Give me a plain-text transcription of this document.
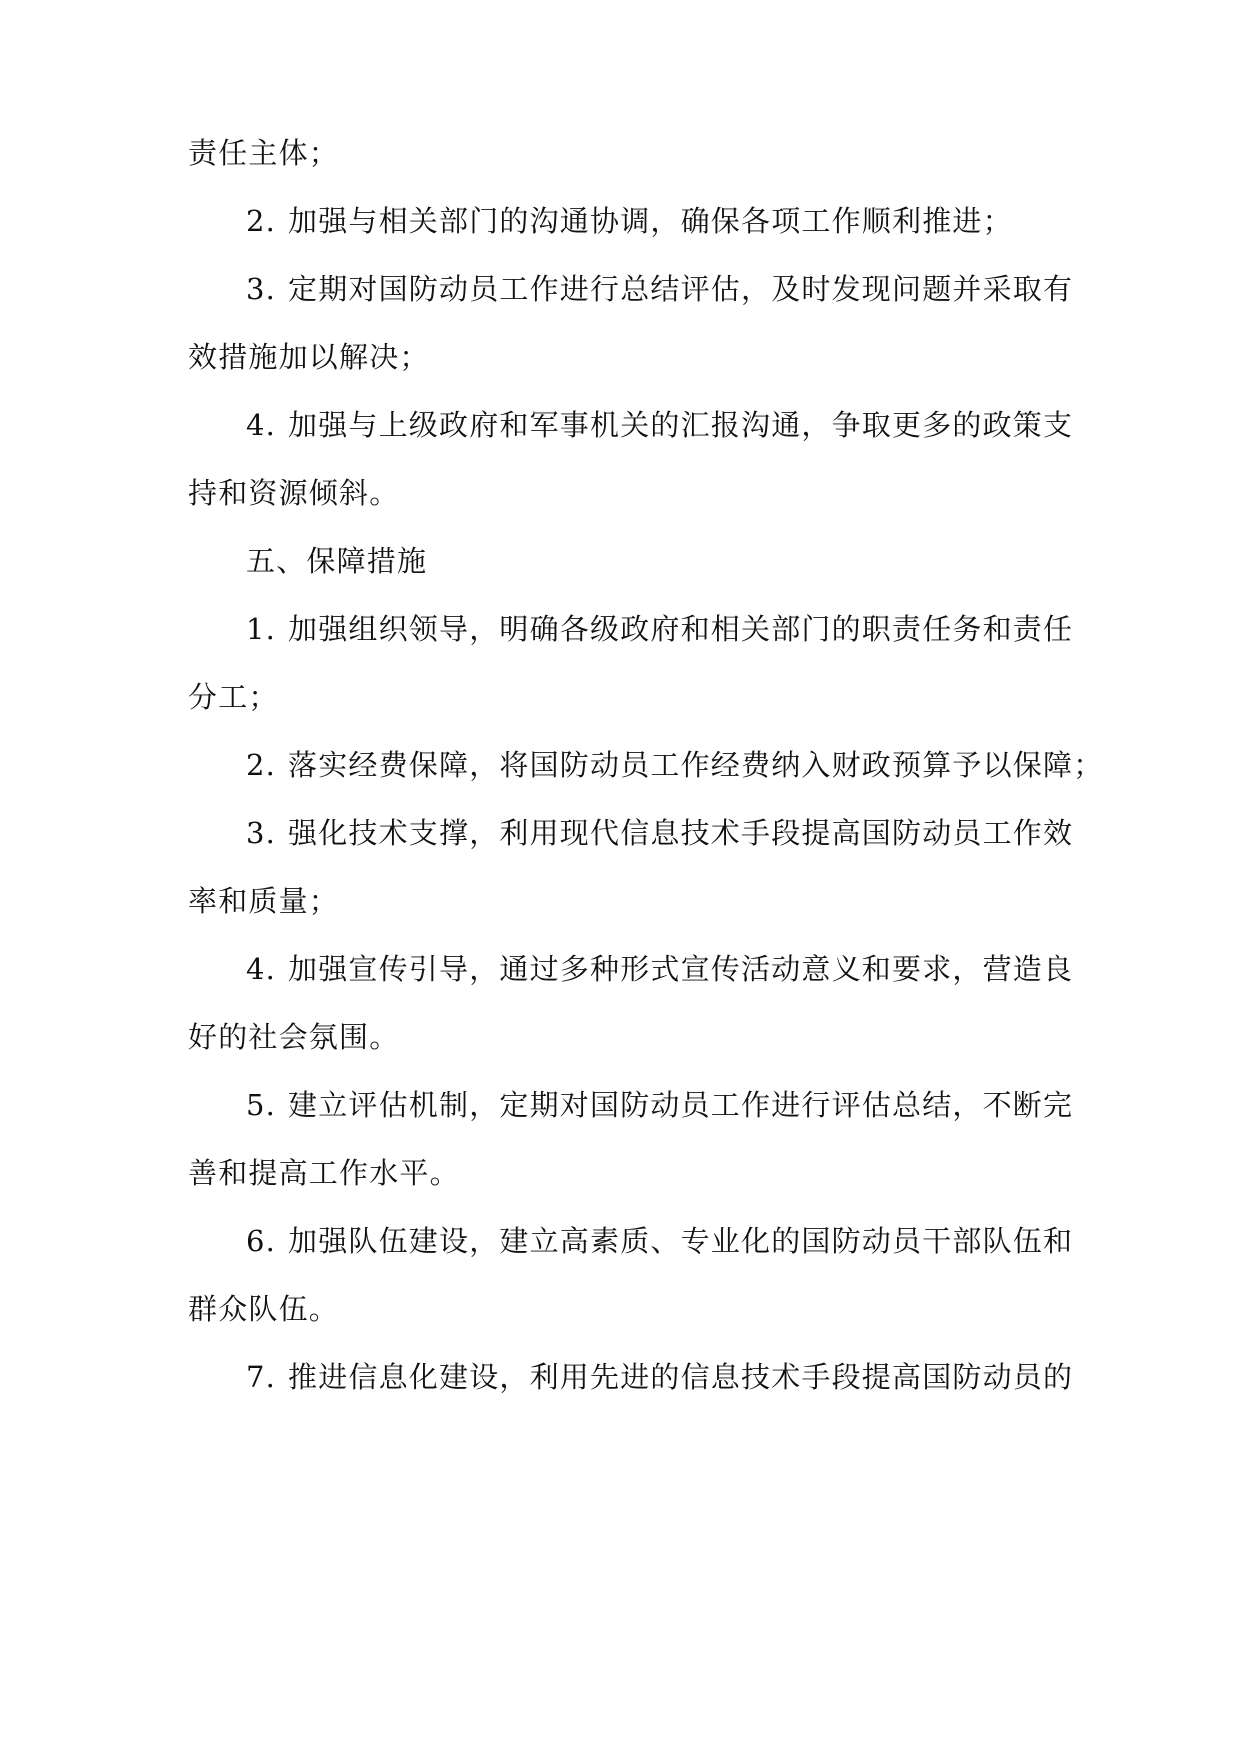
责任主体；
2. 加强与相关部门的沟通协调，确保各项工作顺利推进；
3. 定期对国防动员工作进行总结评估，及时发现问题并采取有
效措施加以解决；
4. 加强与上级政府和军事机关的汇报沟通，争取更多的政策支
持和资源倾斜。
五、保障措施
1. 加强组织领导，明确各级政府和相关部门的职责任务和责任
分工；
2. 落实经费保障，将国防动员工作经费纳入财政预算予以保障；
3. 强化技术支撑，利用现代信息技术手段提高国防动员工作效
率和质量；
4. 加强宣传引导，通过多种形式宣传活动意义和要求，营造良
好的社会氛围。
5. 建立评估机制，定期对国防动员工作进行评估总结，不断完
善和提高工作水平。
6. 加强队伍建设，建立高素质、专业化的国防动员干部队伍和
群众队伍。
7. 推进信息化建设，利用先进的信息技术手段提高国防动员的
